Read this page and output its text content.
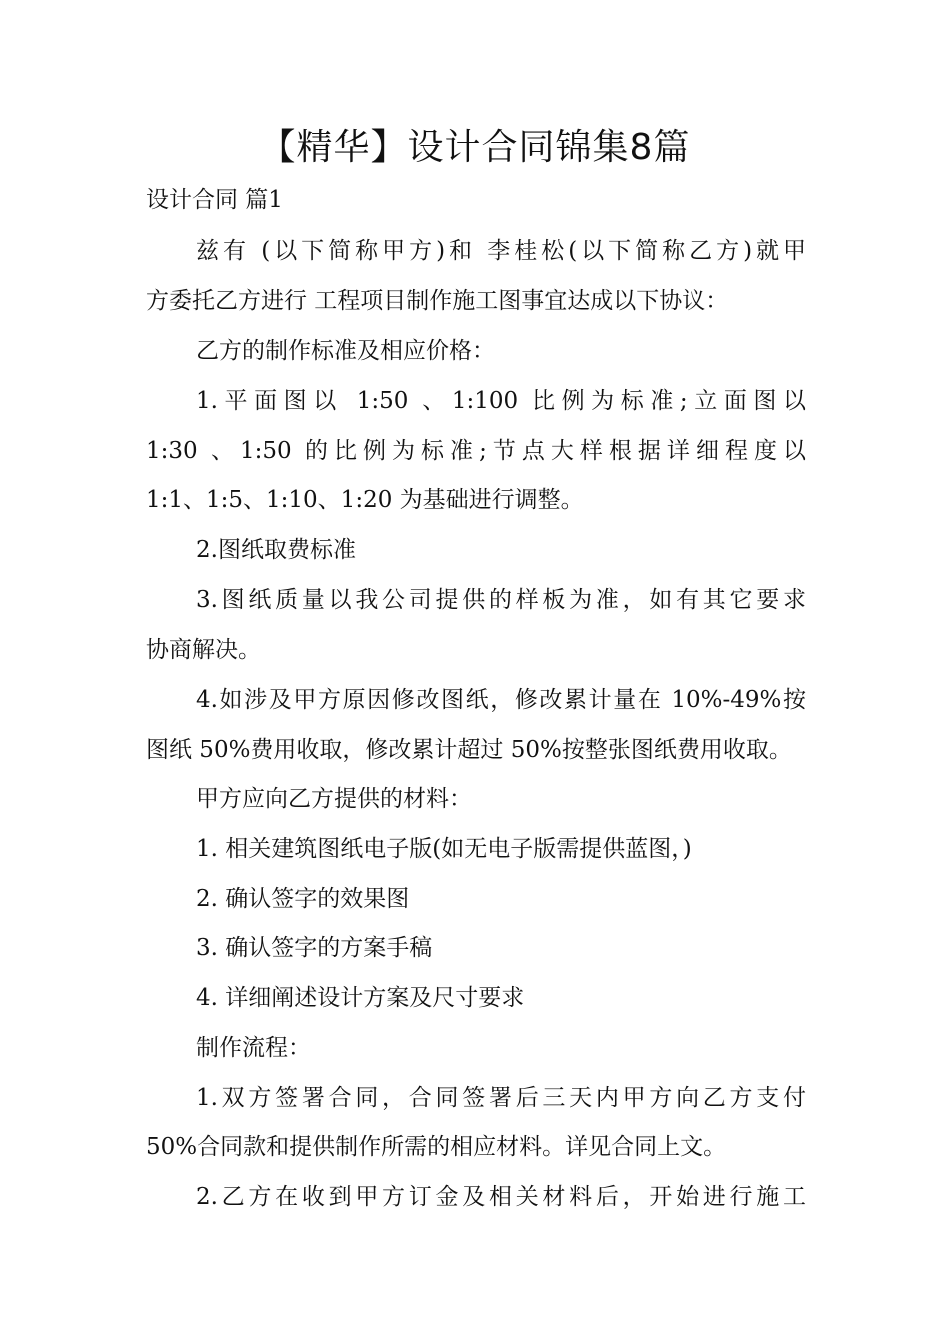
【精华】设计合同锦集8篇
设计合同 篇1
兹有 (以下简称甲方)和 李桂松(以下简称乙方)就甲
方委托乙方进行 工程项目制作施工图事宜达成以下协议：
乙方的制作标准及相应价格：
1.平面图以 1:50 、1:100 比例为标准;立面图以
1:30 、1:50 的比例为标准;节点大样根据详细程度以
1:1、1:5、1:10、1:20 为基础进行调整。
2.图纸取费标准
3.图纸质量以我公司提供的样板为准，如有其它要求
协商解决。
4.如涉及甲方原因修改图纸，修改累计量在 10%-49%按
图纸 50%费用收取，修改累计超过 50%按整张图纸费用收取。
甲方应向乙方提供的材料：
1. 相关建筑图纸电子版(如无电子版需提供蓝图，)
2. 确认签字的效果图
3. 确认签字的方案手稿
4. 详细阐述设计方案及尺寸要求
制作流程：
1.双方签署合同，合同签署后三天内甲方向乙方支付
50%合同款和提供制作所需的相应材料。详见合同上文。
2.乙方在收到甲方订金及相关材料后，开始进行施工
